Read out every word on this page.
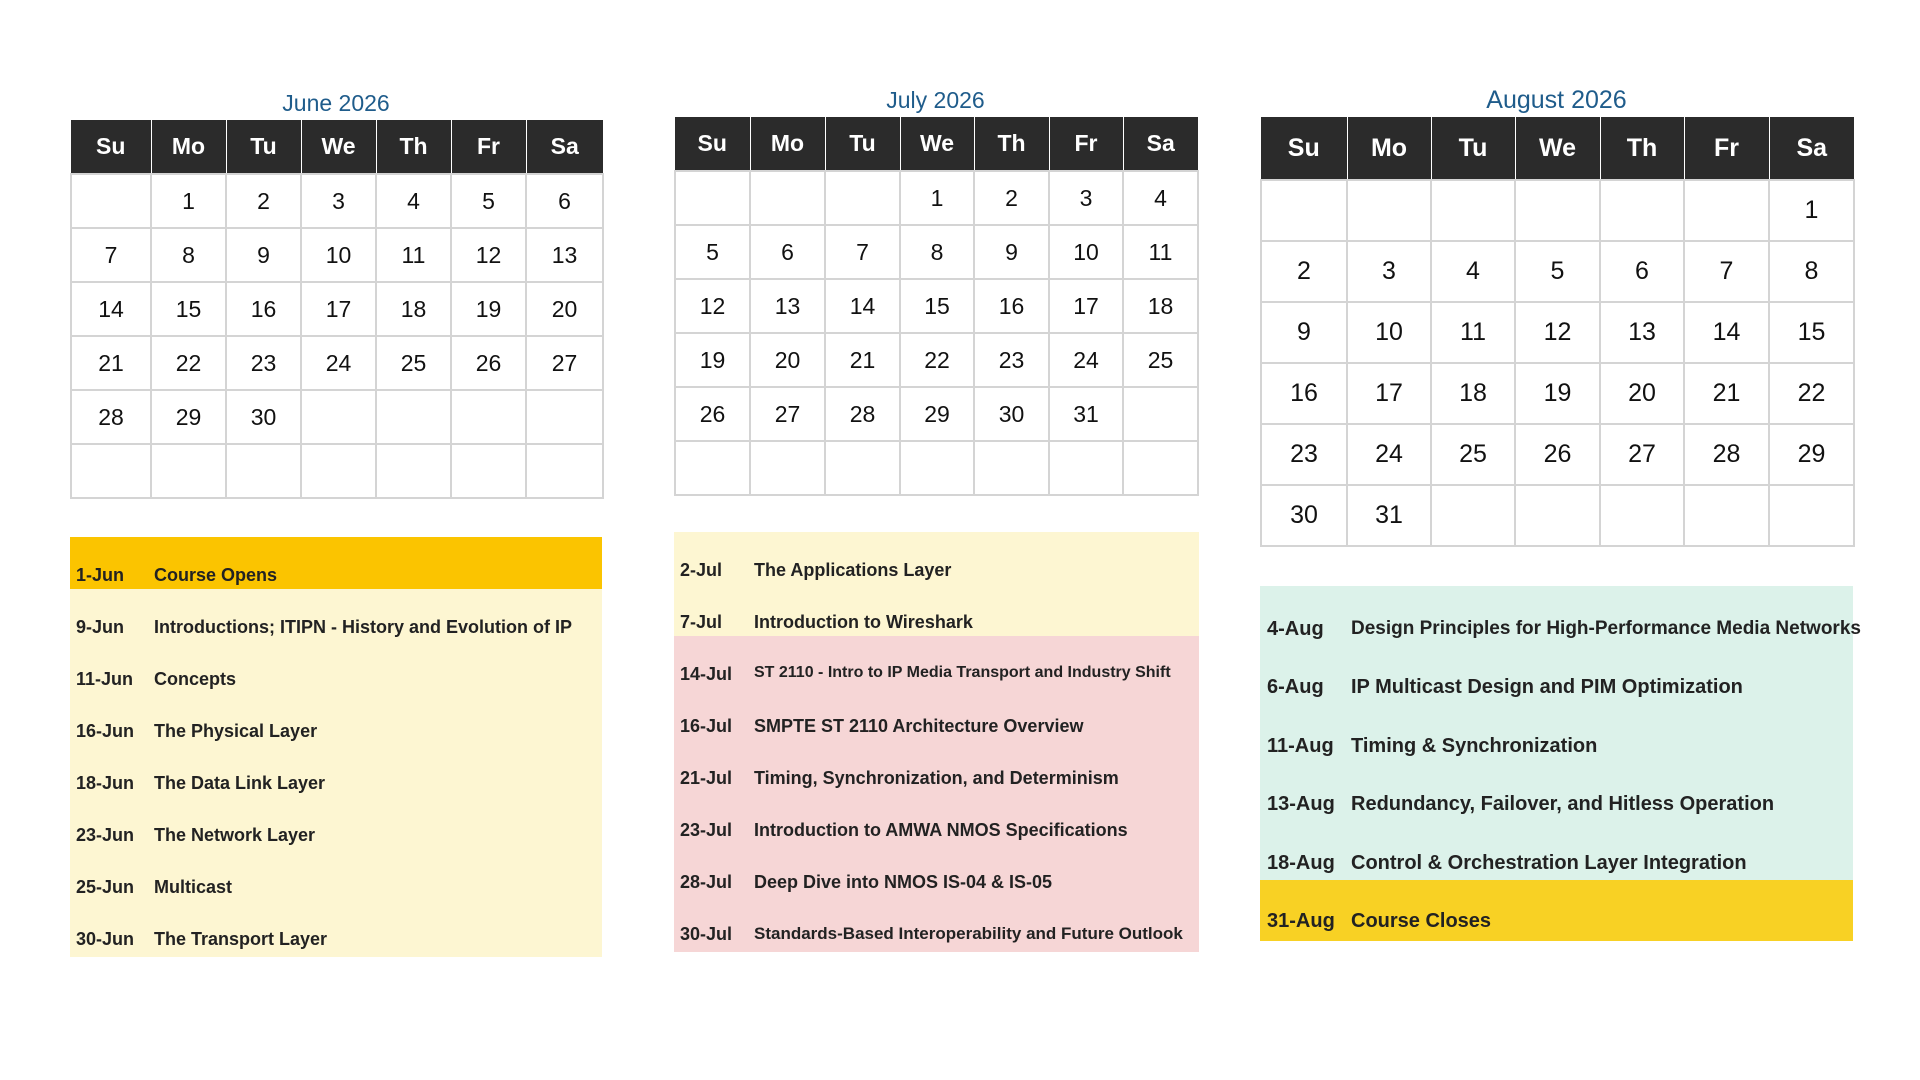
June 2026
Su	Mo	Tu	We	Th	Fr	Sa
	1	2	3	4	5	6
7	8	9	10	11	12	13
14	15	16	17	18	19	20
21	22	23	24	25	26	27
28	29	30				

1-Jun Course Opens
9-Jun Introductions; ITIPN - History and Evolution of IP
11-Jun Concepts
16-Jun The Physical Layer
18-Jun The Data Link Layer
23-Jun The Network Layer
25-Jun Multicast
30-Jun The Transport Layer
July 2026
Su	Mo	Tu	We	Th	Fr	Sa
			1	2	3	4
5	6	7	8	9	10	11
12	13	14	15	16	17	18
19	20	21	22	23	24	25
26	27	28	29	30	31	

2-Jul The Applications Layer
7-Jul Introduction to Wireshark
14-Jul ST 2110 - Intro to IP Media Transport and Industry Shift
16-Jul SMPTE ST 2110 Architecture Overview
21-Jul Timing, Synchronization, and Determinism
23-Jul Introduction to AMWA NMOS Specifications
28-Jul Deep Dive into NMOS IS-04 & IS-05
30-Jul Standards-Based Interoperability and Future Outlook
August 2026
Su	Mo	Tu	We	Th	Fr	Sa
						1
2	3	4	5	6	7	8
9	10	11	12	13	14	15
16	17	18	19	20	21	22
23	24	25	26	27	28	29
30	31					
4-Aug Design Principles for High-Performance Media Networks
6-Aug IP Multicast Design and PIM Optimization
11-Aug Timing & Synchronization
13-Aug Redundancy, Failover, and Hitless Operation
18-Aug Control & Orchestration Layer Integration
31-Aug Course Closes
